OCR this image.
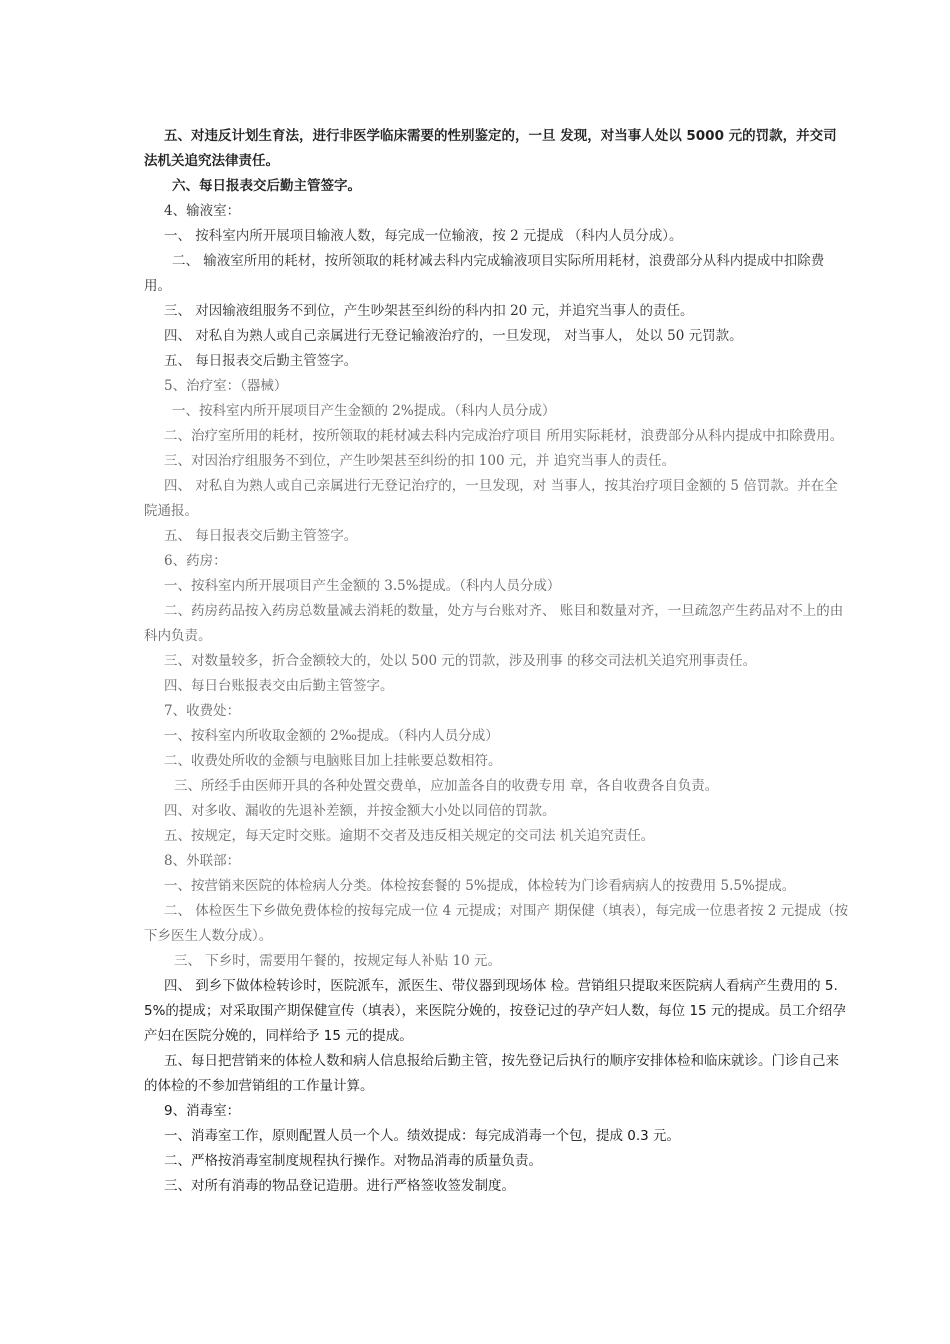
五、对违反计划生育法，进行非医学临床需要的性别鉴定的，一旦 发现，对当事人处以 5000 元的罚款，并交司法机关追究法律责任。

六、每日报表交后勤主管签字。

4、输液室：

一、 按科室内所开展项目输液人数，每完成一位输液，按 2 元提成 （科内人员分成）。

二、 输液室所用的耗材，按所领取的耗材减去科内完成输液项目实际所用耗材，浪费部分从科内提成中扣除费用。

三、 对因输液组服务不到位，产生吵架甚至纠纷的科内扣 20 元，并追究当事人的责任。

四、 对私自为熟人或自己亲属进行无登记输液治疗的，一旦发现， 对当事人， 处以 50 元罚款。

五、 每日报表交后勤主管签字。

5、治疗室：（器械）

一、按科室内所开展项目产生金额的 2%提成。（科内人员分成）

二、治疗室所用的耗材，按所领取的耗材减去科内完成治疗项目 所用实际耗材，浪费部分从科内提成中扣除费用。

三、对因治疗组服务不到位，产生吵架甚至纠纷的扣 100 元，并 追究当事人的责任。

四、 对私自为熟人或自己亲属进行无登记治疗的，一旦发现，对 当事人，按其治疗项目金额的 5 倍罚款。并在全院通报。

五、 每日报表交后勤主管签字。

6、药房：

一、按科室内所开展项目产生金额的 3.5%提成。（科内人员分成）

二、药房药品按入药房总数量减去消耗的数量，处方与台账对齐、 账目和数量对齐，一旦疏忽产生药品对不上的由科内负责。

三、对数量较多，折合金额较大的，处以 500 元的罚款，涉及刑事 的移交司法机关追究刑事责任。

四、每日台账报表交由后勤主管签字。

7、收费处：

一、按科室内所收取金额的 2‰提成。（科内人员分成）

二、收费处所收的金额与电脑账目加上挂帐要总数相符。

三、所经手由医师开具的各种处置交费单，应加盖各自的收费专用 章，各自收费各自负责。

四、对多收、漏收的先退补差额，并按金额大小处以同倍的罚款。

五、按规定，每天定时交账。逾期不交者及违反相关规定的交司法 机关追究责任。

8、外联部：

一、按营销来医院的体检病人分类。体检按套餐的 5%提成，体检转为门诊看病病人的按费用 5.5%提成。

二、 体检医生下乡做免费体检的按每完成一位 4 元提成；对围产 期保健（填表），每完成一位患者按 2 元提成（按下乡医生人数分成）。

三、 下乡时，需要用午餐的，按规定每人补贴 10 元。

四、 到乡下做体检转诊时，医院派车，派医生、带仪器到现场体 检。营销组只提取来医院病人看病产生费用的 5.5%的提成；对采取围产期保健宣传（填表），来医院分娩的，按登记过的孕产妇人数，每位 15 元的提成。员工介绍孕产妇在医院分娩的，同样给予 15 元的提成。

五、每日把营销来的体检人数和病人信息报给后勤主管，按先登记后执行的顺序安排体检和临床就诊。门诊自己来的体检的不参加营销组的工作量计算。

9、消毒室：

一、消毒室工作，原则配置人员一个人。绩效提成：每完成消毒一个包，提成 0.3 元。

二、严格按消毒室制度规程执行操作。对物品消毒的质量负责。

三、对所有消毒的物品登记造册。进行严格签收签发制度。
